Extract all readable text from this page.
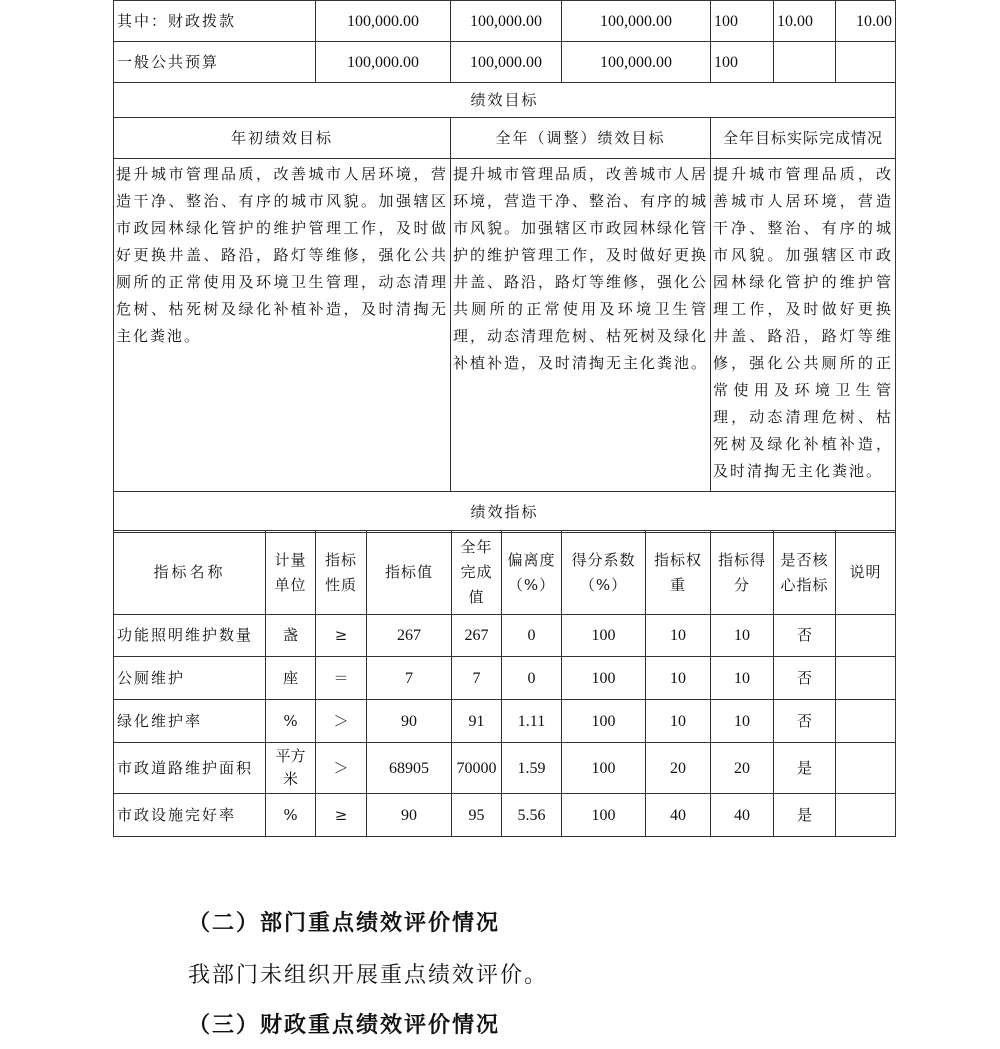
其中：财政拨款	100,000.00	100,000.00	100,000.00	100	10.00	10.00
一般公共预算	100,000.00	100,000.00	100,000.00	100		
绩效目标						
年初绩效目标		全年（调整）绩效目标		全年目标实际完成情况		
提升城市管理品质，改善城市人居环境，营造干净、整治、有序的城市风貌。加强辖区市政园林绿化管护的维护管理工作，及时做好更换井盖、路沿，路灯等维修，强化公共厕所的正常使用及环境卫生管理，动态清理危树、枯死树及绿化补植补造，及时清掏无主化粪池。		提升城市管理品质，改善城市人居环境，营造干净、整治、有序的城市风貌。加强辖区市政园林绿化管护的维护管理工作，及时做好更换井盖、路沿，路灯等维修，强化公共厕所的正常使用及环境卫生管理，动态清理危树、枯死树及绿化补植补造，及时清掏无主化粪池。		提升城市管理品质，改善城市人居环境，营造干净、整治、有序的城市风貌。加强辖区市政园林绿化管护的维护管理工作，及时做好更换井盖、路沿，路灯等维修，强化公共厕所的正常使用及环境卫生管理，动态清理危树、枯死树及绿化补植补造，及时清掏无主化粪池。		
绩效指标						
指标名称	计量单位	指标性质	指标值	全年完成值	偏离度（%）	得分系数（%）	指标权重	指标得分	是否核心指标	说明
功能照明维护数量	盏	≥	267	267	0	100	10	10	否	
公厕维护	座	＝	7	7	0	100	10	10	否	
绿化维护率	%	＞	90	91	1.11	100	10	10	否	
市政道路维护面积	平方米	＞	68905	70000	1.59	100	20	20	是	
市政设施完好率	%	≥	90	95	5.56	100	40	40	是	
（二）部门重点绩效评价情况
我部门未组织开展重点绩效评价。
（三）财政重点绩效评价情况
